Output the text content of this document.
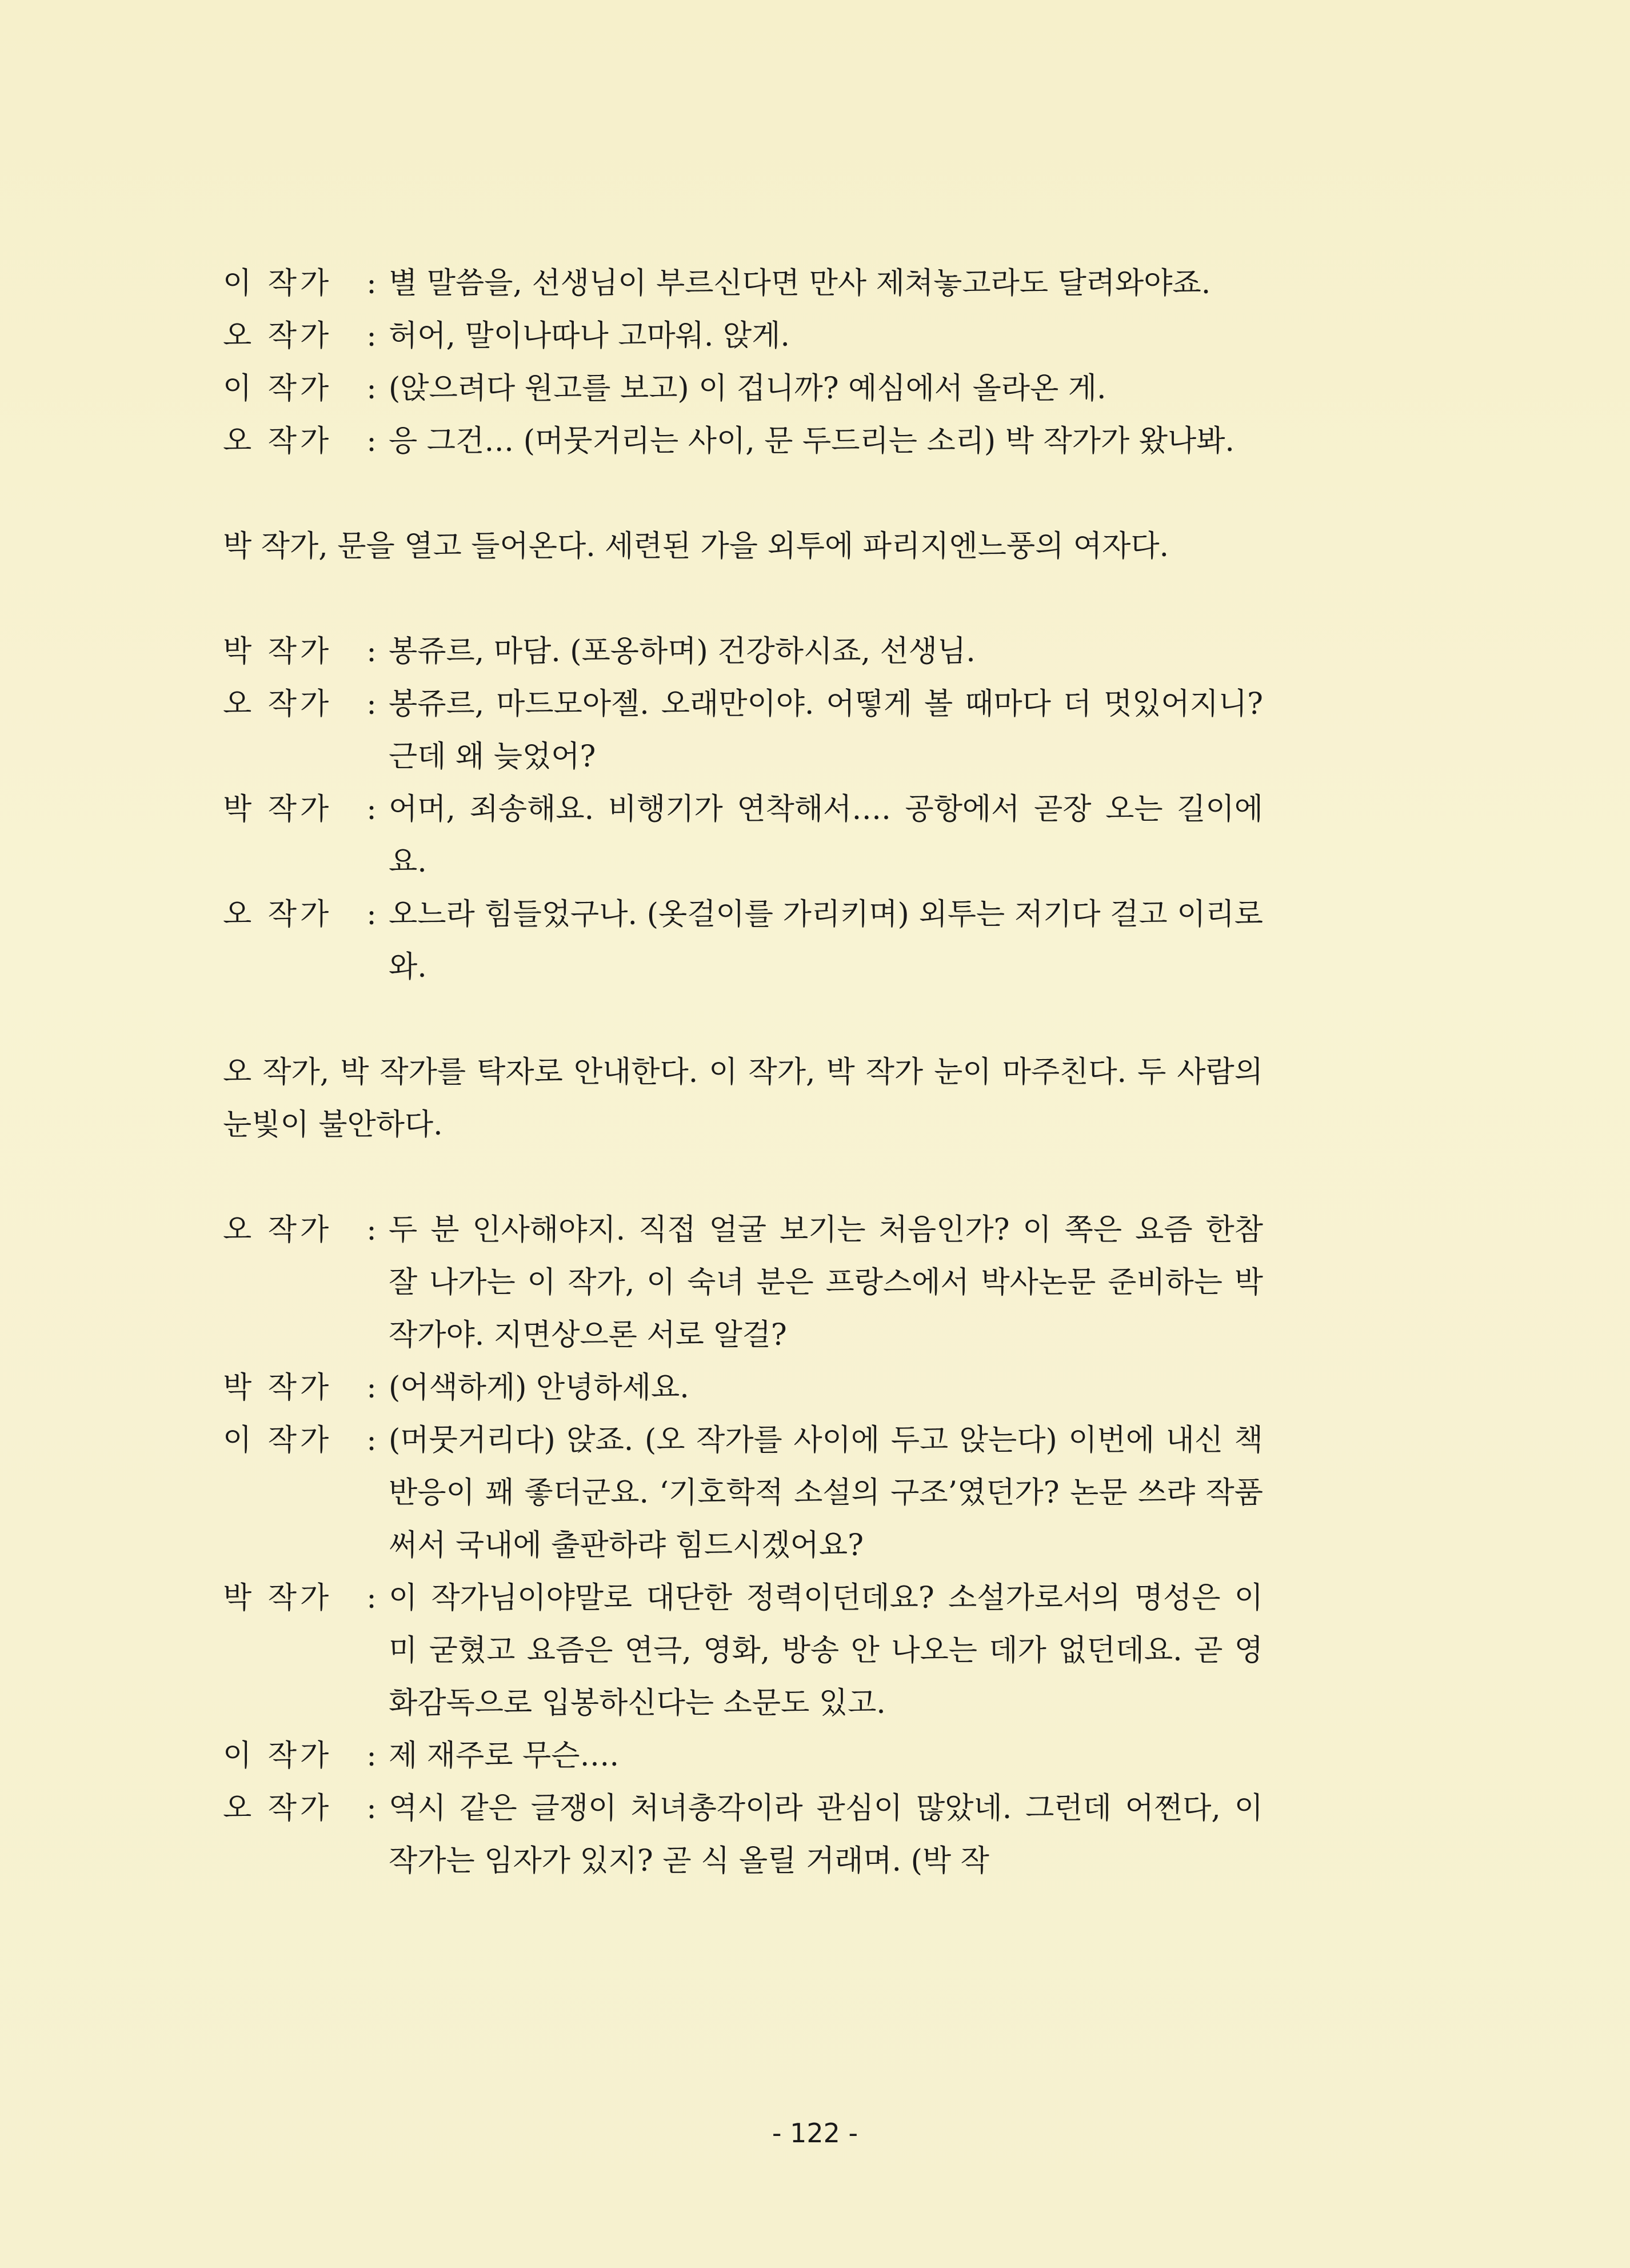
이 작가	: 별 말씀을, 선생님이 부르신다면 만사 제쳐놓고라도 달려와야죠.
오 작가	: 허어, 말이나따나 고마워. 앉게.
이 작가	: (앉으려다 원고를 보고) 이 겁니까? 예심에서 올라온 게.
오 작가	: 응 그건… (머뭇거리는 사이, 문 두드리는 소리) 박 작가가 왔나봐.
박 작가, 문을 열고 들어온다. 세련된 가을 외투에 파리지엔느풍의 여자다.
박 작가	: 봉쥬르, 마담. (포옹하며) 건강하시죠, 선생님.
오 작가	: 봉쥬르, 마드모아젤. 오래만이야. 어떻게 볼 때마다 더 멋있어지니? 근데 왜 늦었어?
박 작가	: 어머, 죄송해요. 비행기가 연착해서…. 공항에서 곧장 오는 길이에요.
오 작가	: 오느라 힘들었구나. (옷걸이를 가리키며) 외투는 저기다 걸고 이리로 와.
오 작가, 박 작가를 탁자로 안내한다. 이 작가, 박 작가 눈이 마주친다. 두 사람의 눈빛이 불안하다.
오 작가	: 두 분 인사해야지. 직접 얼굴 보기는 처음인가? 이 쪽은 요즘 한참 잘 나가는 이 작가, 이 숙녀 분은 프랑스에서 박사논문 준비하는 박 작가야. 지면상으론 서로 알걸?
박 작가	: (어색하게) 안녕하세요.
이 작가	: (머뭇거리다) 앉죠. (오 작가를 사이에 두고 앉는다) 이번에 내신 책 반응이 꽤 좋더군요. ‘기호학적 소설의 구조’였던가? 논문 쓰랴 작품 써서 국내에 출판하랴 힘드시겠어요?
박 작가	: 이 작가님이야말로 대단한 정력이던데요? 소설가로서의 명성은 이미 굳혔고 요즘은 연극, 영화, 방송 안 나오는 데가 없던데요. 곧 영화감독으로 입봉하신다는 소문도 있고.
이 작가	: 제 재주로 무슨….
오 작가	: 역시 같은 글쟁이 처녀총각이라 관심이 많았네. 그런데 어쩐다, 이 작가는 임자가 있지? 곧 식 올릴 거래며. (박 작
- 122 -
